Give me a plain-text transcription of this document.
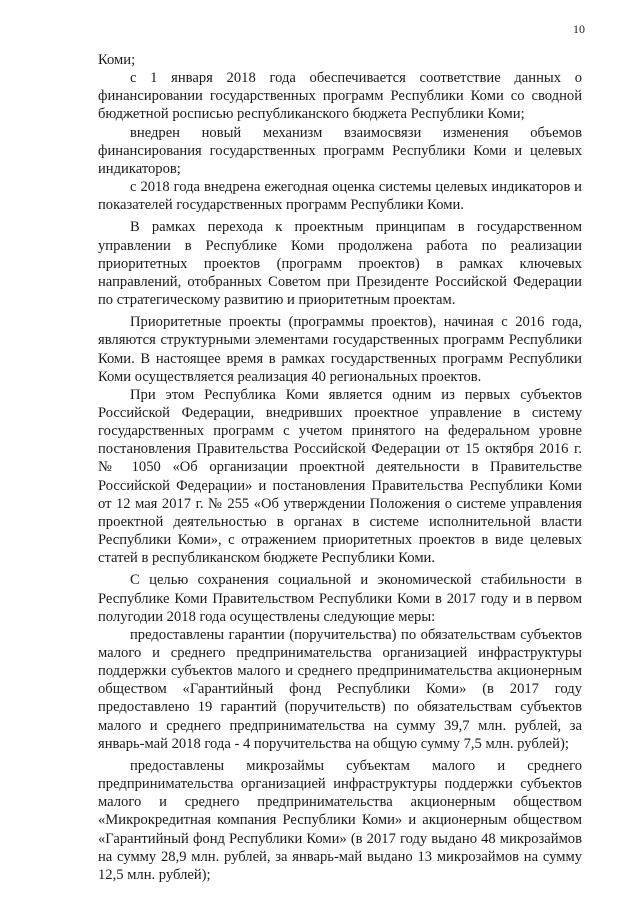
10

Коми;

с 1 января 2018 года обеспечивается соответствие данных о финансировании государственных программ Республики Коми со сводной бюджетной росписью республиканского бюджета Республики Коми;

внедрен новый механизм взаимосвязи изменения объемов финансирования государственных программ Республики Коми и целевых индикаторов;

с 2018 года внедрена ежегодная оценка системы целевых индикаторов и показателей государственных программ Республики Коми.

В рамках перехода к проектным принципам в государственном управлении в Республике Коми продолжена работа по реализации приоритетных проектов (программ проектов) в рамках ключевых направлений, отобранных Советом при Президенте Российской Федерации по стратегическому развитию и приоритетным проектам.

Приоритетные проекты (программы проектов), начиная с 2016 года, являются структурными элементами государственных программ Республики Коми. В настоящее время в рамках государственных программ Республики Коми осуществляется реализация 40 региональных проектов.

При этом Республика Коми является одним из первых субъектов Российской Федерации, внедривших проектное управление в систему государственных программ с учетом принятого на федеральном уровне постановления Правительства Российской Федерации от 15 октября 2016 г. № 1050 «Об организации проектной деятельности в Правительстве Российской Федерации» и постановления Правительства Республики Коми от 12 мая 2017 г. № 255 «Об утверждении Положения о системе управления проектной деятельностью в органах в системе исполнительной власти Республики Коми», с отражением приоритетных проектов в виде целевых статей в республиканском бюджете Республики Коми.

С целью сохранения социальной и экономической стабильности в Республике Коми Правительством Республики Коми в 2017 году и в первом полугодии 2018 года осуществлены следующие меры:

предоставлены гарантии (поручительства) по обязательствам субъектов малого и среднего предпринимательства организацией инфраструктуры поддержки субъектов малого и среднего предпринимательства акционерным обществом «Гарантийный фонд Республики Коми» (в 2017 году предоставлено 19 гарантий (поручительств) по обязательствам субъектов малого и среднего предпринимательства на сумму 39,7 млн. рублей, за январь-май 2018 года - 4 поручительства на общую сумму 7,5 млн. рублей);

предоставлены микрозаймы субъектам малого и среднего предпринимательства организацией инфраструктуры поддержки субъектов малого и среднего предпринимательства акционерным обществом «Микрокредитная компания Республики Коми» и акционерным обществом «Гарантийный фонд Республики Коми» (в 2017 году выдано 48 микрозаймов на сумму 28,9 млн. рублей, за январь-май выдано 13 микрозаймов на сумму 12,5 млн. рублей);
